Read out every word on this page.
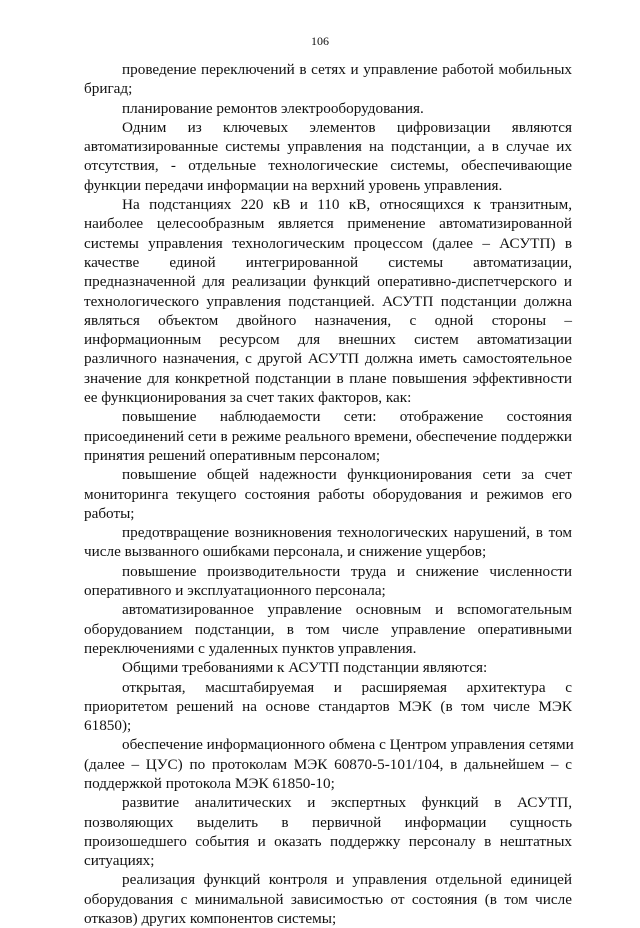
106
проведение переключений в сетях и управление работой мобильных
бригад;
планирование ремонтов электрооборудования.
Одним из ключевых элементов цифровизации являются
автоматизированные системы управления на подстанции, а в случае их
отсутствия, - отдельные технологические системы, обеспечивающие
функции передачи информации на верхний уровень управления.
На подстанциях 220 кВ и 110 кВ, относящихся к транзитным,
наиболее целесообразным является применение автоматизированной
системы управления технологическим процессом (далее – АСУТП) в
качестве единой интегрированной системы автоматизации,
предназначенной для реализации функций оперативно-диспетчерского и
технологического управления подстанцией. АСУТП подстанции должна
являться объектом двойного назначения, с одной стороны –
информационным ресурсом для внешних систем автоматизации
различного назначения, с другой АСУТП должна иметь самостоятельное
значение для конкретной подстанции в плане повышения эффективности
ее функционирования за счет таких факторов, как:
повышение наблюдаемости сети: отображение состояния
присоединений сети в режиме реального времени, обеспечение поддержки
принятия решений оперативным персоналом;
повышение общей надежности функционирования сети за счет
мониторинга текущего состояния работы оборудования и режимов его
работы;
предотвращение возникновения технологических нарушений, в том
числе вызванного ошибками персонала, и снижение ущербов;
повышение производительности труда и снижение численности
оперативного и эксплуатационного персонала;
автоматизированное управление основным и вспомогательным
оборудованием подстанции, в том числе управление оперативными
переключениями с удаленных пунктов управления.
Общими требованиями к АСУТП подстанции являются:
открытая, масштабируемая и расширяемая архитектура с
приоритетом решений на основе стандартов МЭК (в том числе МЭК
61850);
обеспечение информационного обмена с Центром управления сетями
(далее – ЦУС) по протоколам МЭК 60870-5-101/104, в дальнейшем – с
поддержкой протокола МЭК 61850-10;
развитие аналитических и экспертных функций в АСУТП,
позволяющих выделить в первичной информации сущность
произошедшего события и оказать поддержку персоналу в нештатных
ситуациях;
реализация функций контроля и управления отдельной единицей
оборудования с минимальной зависимостью от состояния (в том числе
отказов) других компонентов системы;
